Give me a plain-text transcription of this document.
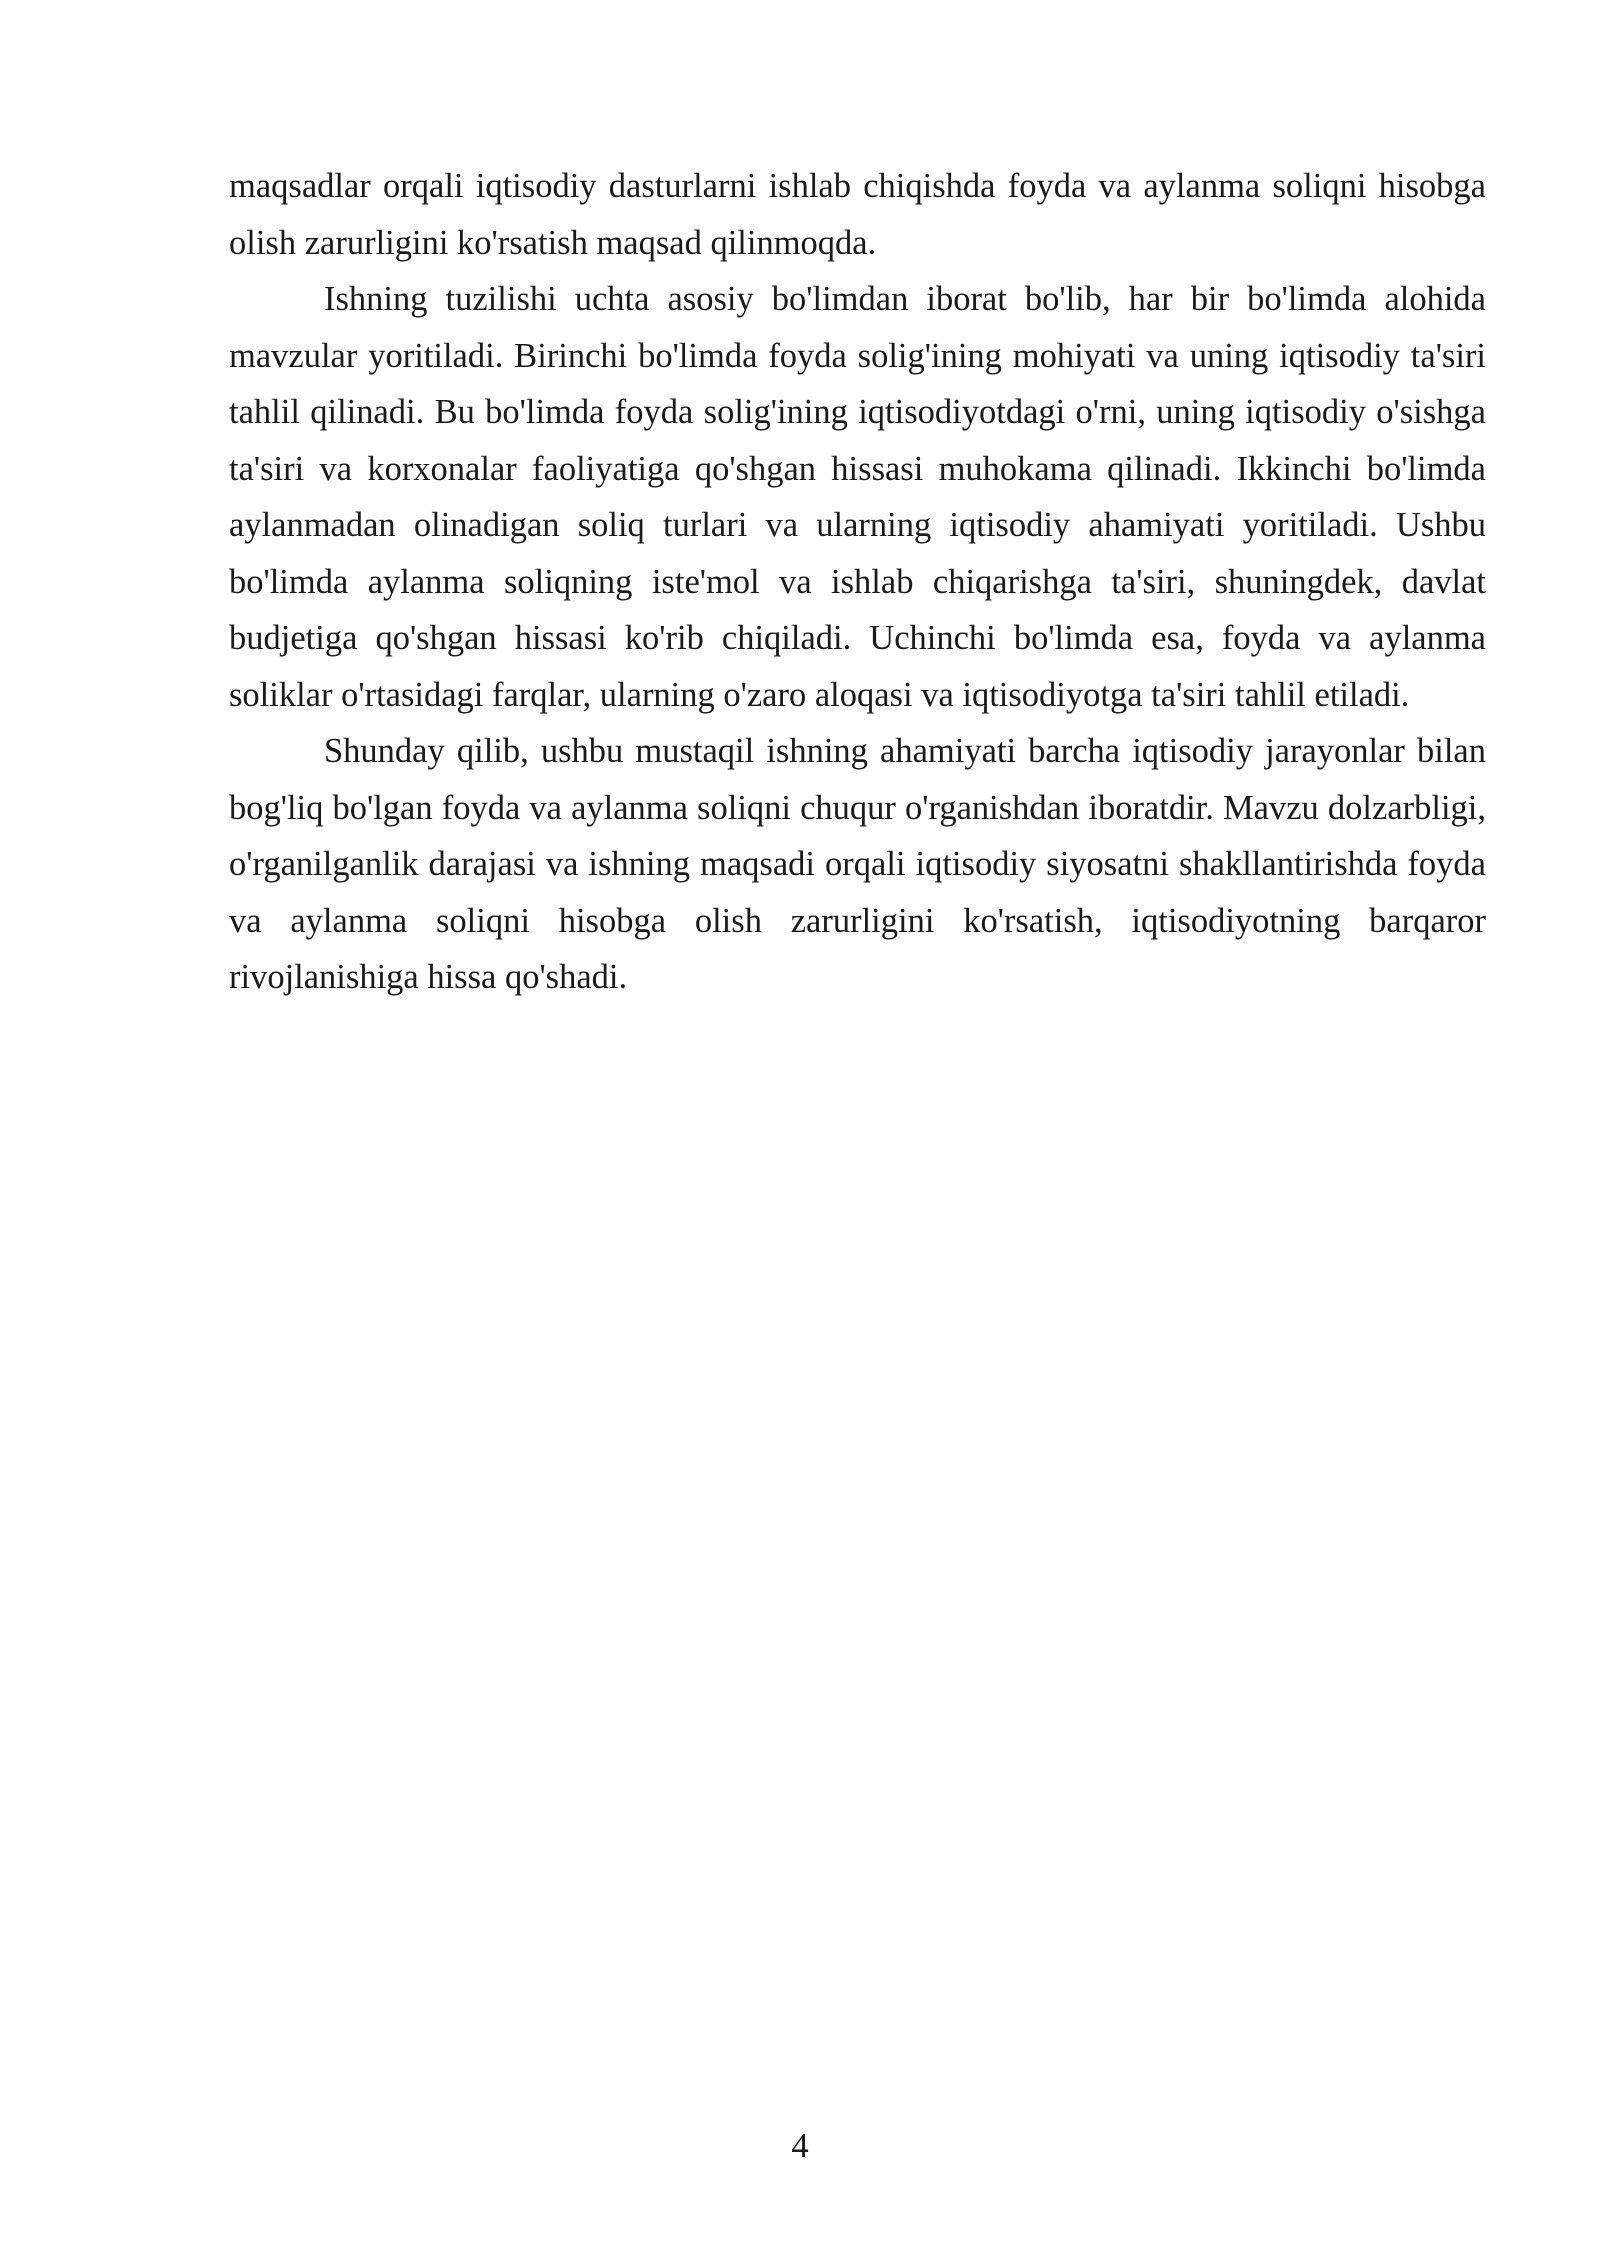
maqsadlar orqali iqtisodiy dasturlarni ishlab chiqishda foyda va aylanma soliqni hisobga olish zarurligini ko'rsatish maqsad qilinmoqda.

Ishning tuzilishi uchta asosiy bo'limdan iborat bo'lib, har bir bo'limda alohida mavzular yoritiladi. Birinchi bo'limda foyda solig'ining mohiyati va uning iqtisodiy ta'siri tahlil qilinadi. Bu bo'limda foyda solig'ining iqtisodiyotdagi o'rni, uning iqtisodiy o'sishga ta'siri va korxonalar faoliyatiga qo'shgan hissasi muhokama qilinadi. Ikkinchi bo'limda aylanmadan olinadigan soliq turlari va ularning iqtisodiy ahamiyati yoritiladi. Ushbu bo'limda aylanma soliqning iste'mol va ishlab chiqarishga ta'siri, shuningdek, davlat budjetiga qo'shgan hissasi ko'rib chiqiladi. Uchinchi bo'limda esa, foyda va aylanma soliklar o'rtasidagi farqlar, ularning o'zaro aloqasi va iqtisodiyotga ta'siri tahlil etiladi.

Shunday qilib, ushbu mustaqil ishning ahamiyati barcha iqtisodiy jarayonlar bilan bog'liq bo'lgan foyda va aylanma soliqni chuqur o'rganishdan iboratdir. Mavzu dolzarbligi, o'rganilganlik darajasi va ishning maqsadi orqali iqtisodiy siyosatni shakllantirishda foyda va aylanma soliqni hisobga olish zarurligini ko'rsatish, iqtisodiyotning barqaror rivojlanishiga hissa qo'shadi.

4
